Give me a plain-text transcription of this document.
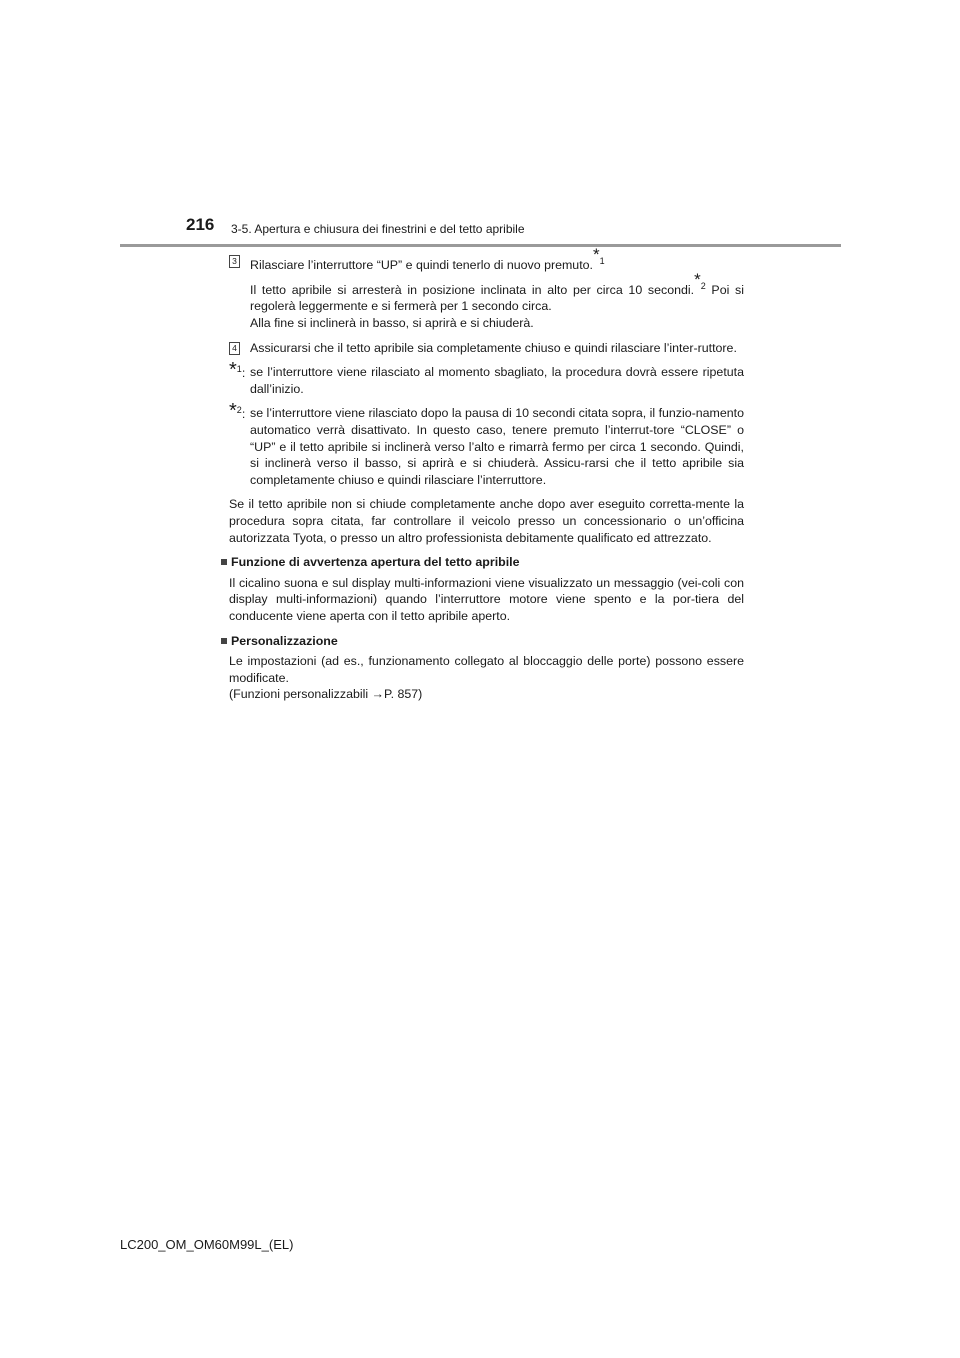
216 3-5. Apertura e chiusura dei finestrini e del tetto apribile
3 Rilasciare l’interruttore “UP” e quindi tenerlo di nuovo premuto.*$^1$

Il tetto apribile si arresterà in posizione inclinata in alto per circa 10 secondi.*$^2$ Poi si regolerà leggermente e si fermerà per 1 secondo circa.
Alla fine si inclinerà in basso, si aprirà e si chiuderà.

4 Assicurarsi che il tetto apribile sia completamente chiuso e quindi rilasciare l’inter-ruttore.

*$^1$: se l’interruttore viene rilasciato al momento sbagliato, la procedura dovrà essere ripetuta dall’inizio.

*$^2$: se l’interruttore viene rilasciato dopo la pausa di 10 secondi citata sopra, il funzio-namento automatico verrà disattivato. In questo caso, tenere premuto l’interrut-tore “CLOSE” o “UP” e il tetto apribile si inclinerà verso l’alto e rimarrà fermo per circa 1 secondo. Quindi, si inclinerà verso il basso, si aprirà e si chiuderà. Assicu-rarsi che il tetto apribile sia completamente chiuso e quindi rilasciare l’interruttore.

Se il tetto apribile non si chiude completamente anche dopo aver eseguito corretta-mente la procedura sopra citata, far controllare il veicolo presso un concessionario o un’officina autorizzata Tyota, o presso un altro professionista debitamente qualificato ed attrezzato.

Funzione di avvertenza apertura del tetto apribile

Il cicalino suona e sul display multi-informazioni viene visualizzato un messaggio (vei-coli con display multi-informazioni) quando l’interruttore motore viene spento e la por-tiera del conducente viene aperta con il tetto apribile aperto.

Personalizzazione

Le impostazioni (ad es., funzionamento collegato al bloccaggio delle porte) possono essere modificate.

(Funzioni personalizzabili →P. 857)

LC200_OM_OM60M99L_(EL)
